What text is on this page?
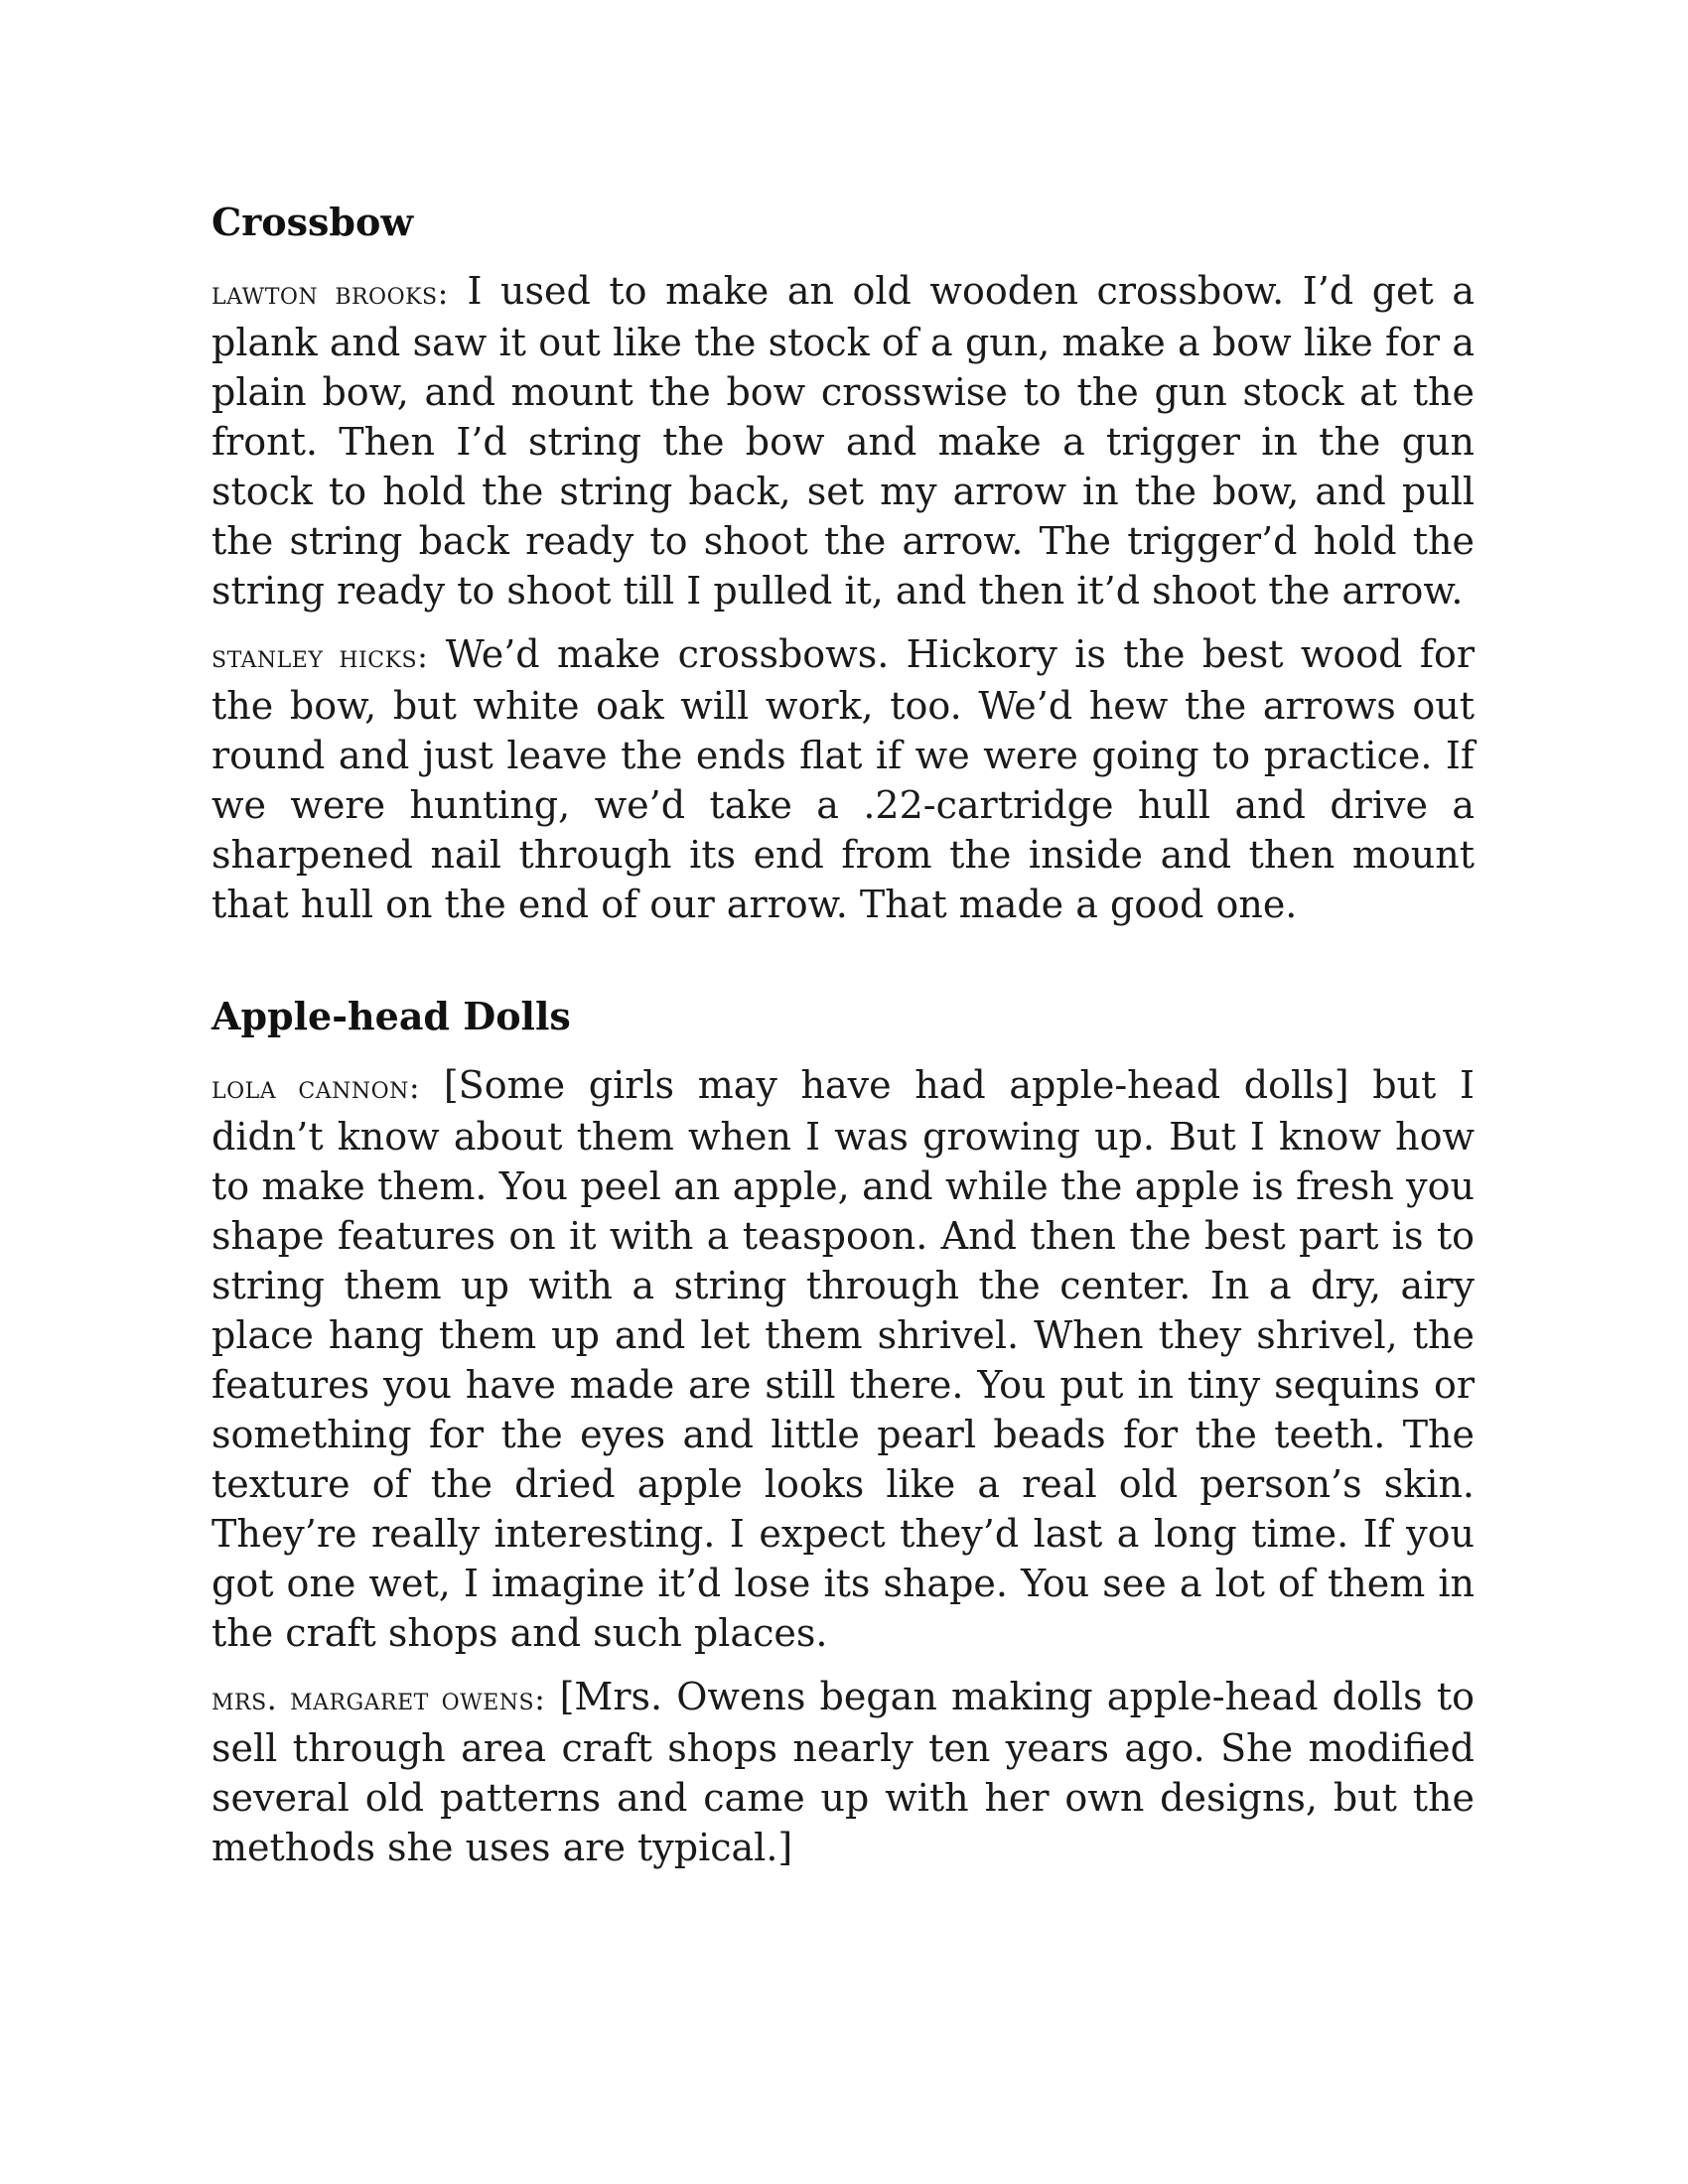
Crossbow

lawton brooks: I used to make an old wooden crossbow. I’d get a plank and saw it out like the stock of a gun, make a bow like for a plain bow, and mount the bow crosswise to the gun stock at the front. Then I’d string the bow and make a trigger in the gun stock to hold the string back, set my arrow in the bow, and pull the string back ready to shoot the arrow. The trigger’d hold the string ready to shoot till I pulled it, and then it’d shoot the arrow.

stanley hicks: We’d make crossbows. Hickory is the best wood for the bow, but white oak will work, too. We’d hew the arrows out round and just leave the ends flat if we were going to practice. If we were hunting, we’d take a .22-cartridge hull and drive a sharpened nail through its end from the inside and then mount that hull on the end of our arrow. That made a good one.

Apple-head Dolls

lola cannon: [Some girls may have had apple-head dolls] but I didn’t know about them when I was growing up. But I know how to make them. You peel an apple, and while the apple is fresh you shape features on it with a teaspoon. And then the best part is to string them up with a string through the center. In a dry, airy place hang them up and let them shrivel. When they shrivel, the features you have made are still there. You put in tiny sequins or something for the eyes and little pearl beads for the teeth. The texture of the dried apple looks like a real old person’s skin. They’re really interesting. I expect they’d last a long time. If you got one wet, I imagine it’d lose its shape. You see a lot of them in the craft shops and such places.

mrs. margaret owens: [Mrs. Owens began making apple-head dolls to sell through area craft shops nearly ten years ago. She modified several old patterns and came up with her own designs, but the methods she uses are typical.]
